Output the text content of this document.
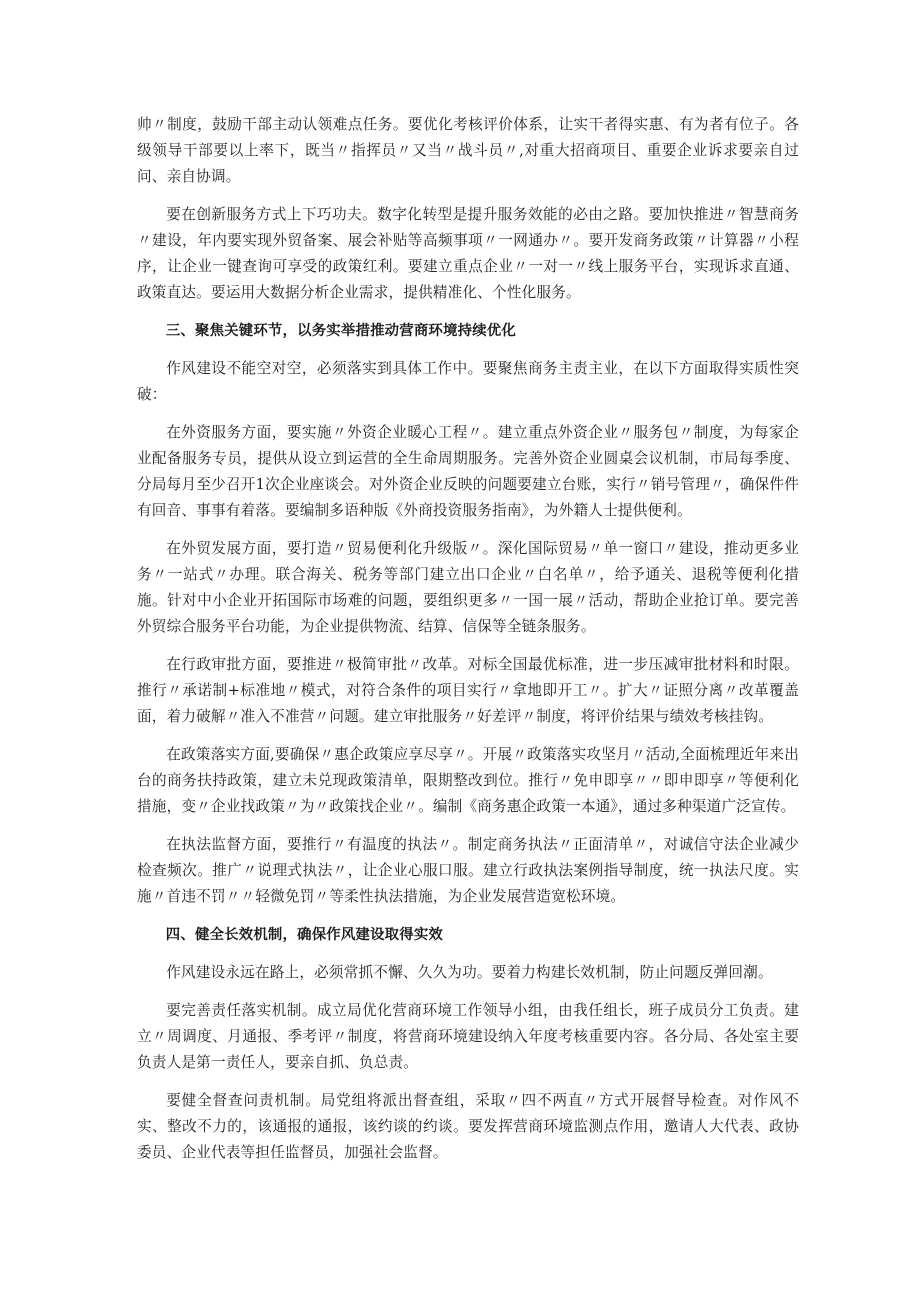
帅〃制度，鼓励干部主动认领难点任务。要优化考核评价体系，让实干者得实惠、有为者有位子。各级领导干部要以上率下，既当〃指挥员〃又当〃战斗员〃,对重大招商项目、重要企业诉求要亲自过问、亲自协调。

要在创新服务方式上下巧功夫。数字化转型是提升服务效能的必由之路。要加快推进〃智慧商务〃建设，年内要实现外贸备案、展会补贴等高频事项〃一网通办〃。要开发商务政策〃计算器〃小程序，让企业一键查询可享受的政策红利。要建立重点企业〃一对一〃线上服务平台，实现诉求直通、政策直达。要运用大数据分析企业需求，提供精准化、个性化服务。

三、聚焦关键环节，以务实举措推动营商环境持续优化

作风建设不能空对空，必须落实到具体工作中。要聚焦商务主责主业，在以下方面取得实质性突破：

在外资服务方面，要实施〃外资企业暖心工程〃。建立重点外资企业〃服务包〃制度，为每家企业配备服务专员，提供从设立到运营的全生命周期服务。完善外资企业圆桌会议机制，市局每季度、分局每月至少召开1次企业座谈会。对外资企业反映的问题要建立台账，实行〃销号管理〃，确保件件有回音、事事有着落。要编制多语种版《外商投资服务指南》，为外籍人士提供便利。

在外贸发展方面，要打造〃贸易便利化升级版〃。深化国际贸易〃单一窗口〃建设，推动更多业务〃一站式〃办理。联合海关、税务等部门建立出口企业〃白名单〃，给予通关、退税等便利化措施。针对中小企业开拓国际市场难的问题，要组织更多〃一国一展〃活动，帮助企业抢订单。要完善外贸综合服务平台功能，为企业提供物流、结算、信保等全链条服务。

在行政审批方面，要推进〃极简审批〃改革。对标全国最优标准，进一步压减审批材料和时限。推行〃承诺制+标准地〃模式，对符合条件的项目实行〃拿地即开工〃。扩大〃证照分离〃改革覆盖面，着力破解〃准入不准营〃问题。建立审批服务〃好差评〃制度，将评价结果与绩效考核挂钩。

在政策落实方面,要确保〃惠企政策应享尽享〃。开展〃政策落实攻坚月〃活动,全面梳理近年来出台的商务扶持政策，建立未兑现政策清单，限期整改到位。推行〃免申即享〃〃即申即享〃等便利化措施，变〃企业找政策〃为〃政策找企业〃。编制《商务惠企政策一本通》，通过多种渠道广泛宣传。

在执法监督方面，要推行〃有温度的执法〃。制定商务执法〃正面清单〃，对诚信守法企业减少检查频次。推广〃说理式执法〃，让企业心服口服。建立行政执法案例指导制度，统一执法尺度。实施〃首违不罚〃〃轻微免罚〃等柔性执法措施，为企业发展营造宽松环境。

四、健全长效机制，确保作风建设取得实效

作风建设永远在路上，必须常抓不懈、久久为功。要着力构建长效机制，防止问题反弹回潮。

要完善责任落实机制。成立局优化营商环境工作领导小组，由我任组长，班子成员分工负责。建立〃周调度、月通报、季考评〃制度，将营商环境建设纳入年度考核重要内容。各分局、各处室主要负责人是第一责任人，要亲自抓、负总责。

要健全督查问责机制。局党组将派出督查组，采取〃四不两直〃方式开展督导检查。对作风不实、整改不力的，该通报的通报，该约谈的约谈。要发挥营商环境监测点作用，邀请人大代表、政协委员、企业代表等担任监督员，加强社会监督。
